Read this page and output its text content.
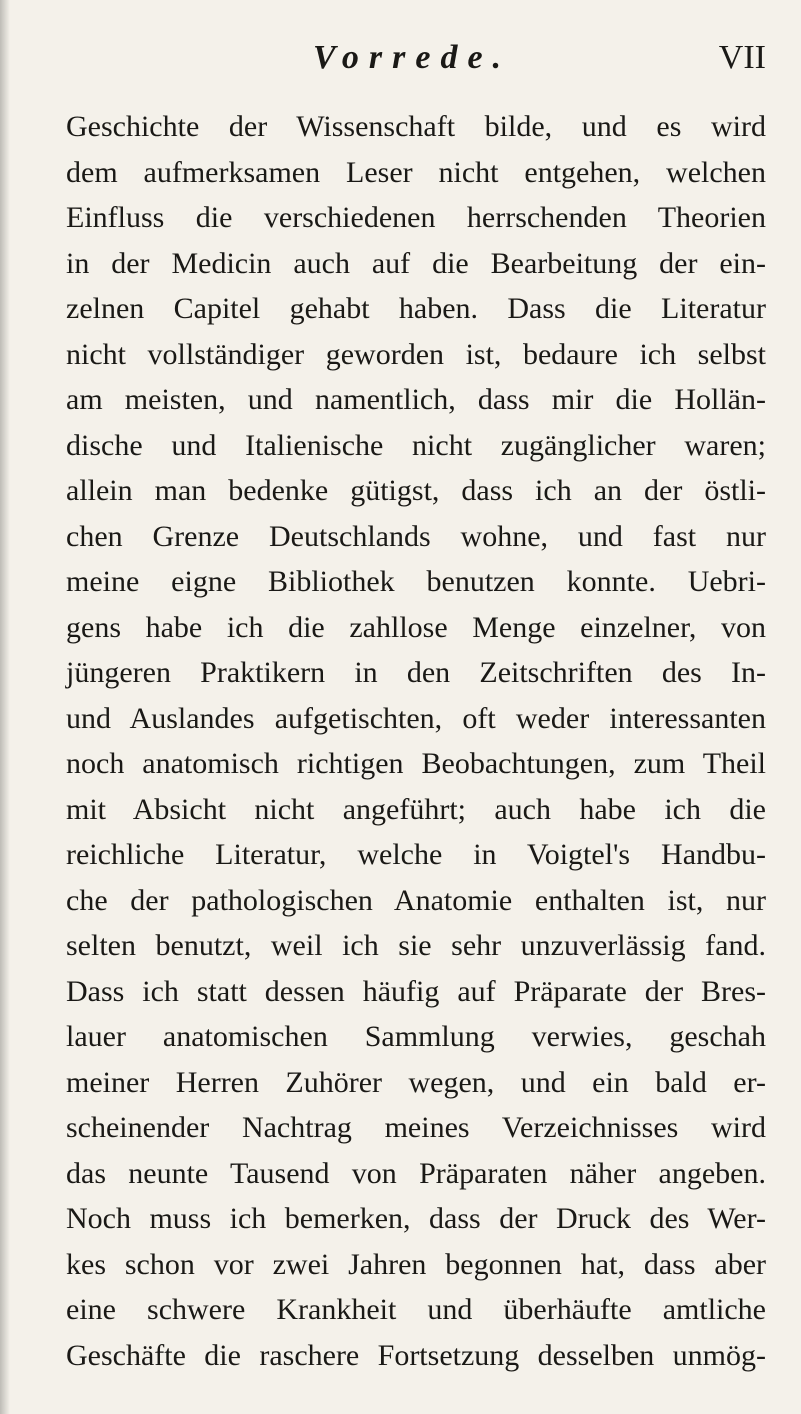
Vorrede.	VII
Geschichte der Wissenschaft bilde, und es wird
dem aufmerksamen Leser nicht entgehen, welchen
Einfluss die verschiedenen herrschenden Theorien
in der Medicin auch auf die Bearbeitung der ein-
zelnen Capitel gehabt haben. Dass die Literatur
nicht vollständiger geworden ist, bedaure ich selbst
am meisten, und namentlich, dass mir die Hollän-
dische und Italienische nicht zugänglicher waren;
allein man bedenke gütigst, dass ich an der östli-
chen Grenze Deutschlands wohne, und fast nur
meine eigne Bibliothek benutzen konnte. Uebri-
gens habe ich die zahllose Menge einzelner, von
jüngeren Praktikern in den Zeitschriften des In-
und Auslandes aufgetischten, oft weder interessanten
noch anatomisch richtigen Beobachtungen, zum Theil
mit Absicht nicht angeführt; auch habe ich die
reichliche Literatur, welche in Voigtel's Handbu-
che der pathologischen Anatomie enthalten ist, nur
selten benutzt, weil ich sie sehr unzuverlässig fand.
Dass ich statt dessen häufig auf Präparate der Bres-
lauer anatomischen Sammlung verwies, geschah
meiner Herren Zuhörer wegen, und ein bald er-
scheinender Nachtrag meines Verzeichnisses wird
das neunte Tausend von Präparaten näher angeben.
Noch muss ich bemerken, dass der Druck des Wer-
kes schon vor zwei Jahren begonnen hat, dass aber
eine schwere Krankheit und überhäufte amtliche
Geschäfte die raschere Fortsetzung desselben unmög-
